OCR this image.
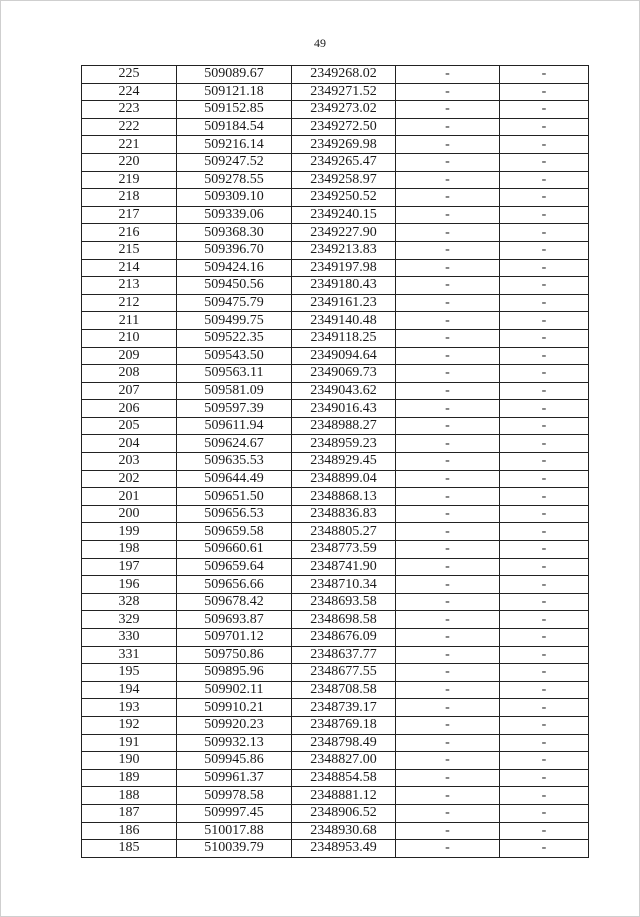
49
225	509089.67	2349268.02	-	-
224	509121.18	2349271.52	-	-
223	509152.85	2349273.02	-	-
222	509184.54	2349272.50	-	-
221	509216.14	2349269.98	-	-
220	509247.52	2349265.47	-	-
219	509278.55	2349258.97	-	-
218	509309.10	2349250.52	-	-
217	509339.06	2349240.15	-	-
216	509368.30	2349227.90	-	-
215	509396.70	2349213.83	-	-
214	509424.16	2349197.98	-	-
213	509450.56	2349180.43	-	-
212	509475.79	2349161.23	-	-
211	509499.75	2349140.48	-	-
210	509522.35	2349118.25	-	-
209	509543.50	2349094.64	-	-
208	509563.11	2349069.73	-	-
207	509581.09	2349043.62	-	-
206	509597.39	2349016.43	-	-
205	509611.94	2348988.27	-	-
204	509624.67	2348959.23	-	-
203	509635.53	2348929.45	-	-
202	509644.49	2348899.04	-	-
201	509651.50	2348868.13	-	-
200	509656.53	2348836.83	-	-
199	509659.58	2348805.27	-	-
198	509660.61	2348773.59	-	-
197	509659.64	2348741.90	-	-
196	509656.66	2348710.34	-	-
328	509678.42	2348693.58	-	-
329	509693.87	2348698.58	-	-
330	509701.12	2348676.09	-	-
331	509750.86	2348637.77	-	-
195	509895.96	2348677.55	-	-
194	509902.11	2348708.58	-	-
193	509910.21	2348739.17	-	-
192	509920.23	2348769.18	-	-
191	509932.13	2348798.49	-	-
190	509945.86	2348827.00	-	-
189	509961.37	2348854.58	-	-
188	509978.58	2348881.12	-	-
187	509997.45	2348906.52	-	-
186	510017.88	2348930.68	-	-
185	510039.79	2348953.49	-	-
